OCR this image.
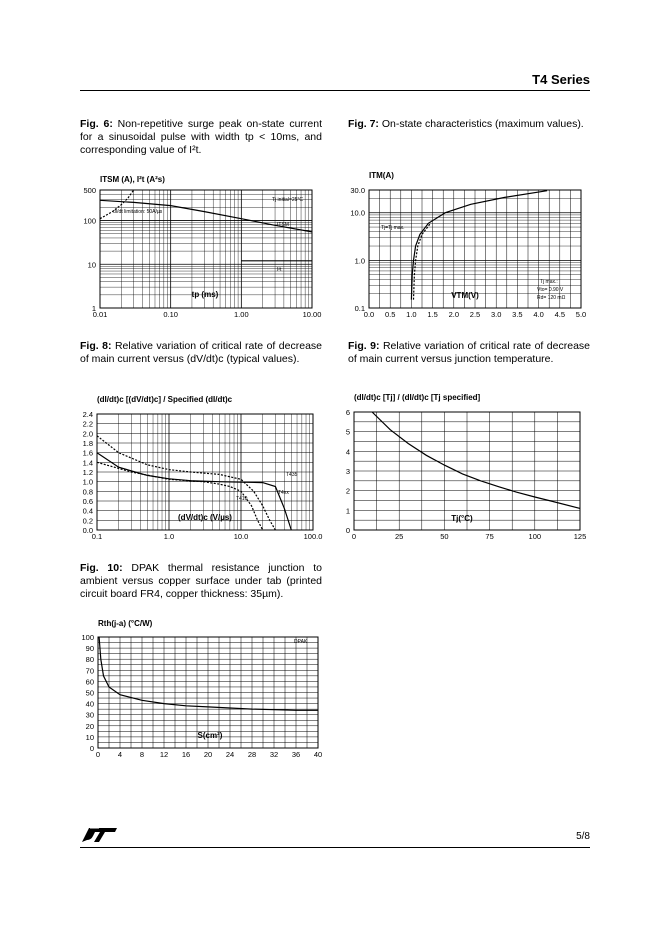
T4 Series
Fig. 6: Non-repetitive surge peak on-state current for a sinusoidal pulse with width tp < 10ms, and corresponding value of I²t.
Fig. 7: On-state characteristics (maximum values).
Fig. 8: Relative variation of critical rate of decrease of main current versus (dV/dt)c (typical values).
Fig. 9: Relative variation of critical rate of decrease of main current versus junction temperature.
Fig. 10: DPAK thermal resistance junction to ambient versus copper surface under tab (printed circuit board FR4, copper thickness: 35µm).
ITSM (A), I²t (A²s)
0.01	0.10	1.00	10.00
1
10
100
500
tp (ms)
ITM(A)
0.0 0.5 1.0 1.5 2.0 2.5 3.0 3.5 4.0 4.5 5.0
0.1
1.0
10.0
30.0
VTM(V)
(dI/dt)c [(dV/dt)c] / Specified (dI/dt)c
0.1	1.0	10.0	100.0
0.0
0.2
0.4
0.6
0.8
1.0
1.2
1.4
1.6
1.8
2.0
2.2
2.4
(dV/dt)c (V/µs)
(dI/dt)c [Tj] / (dI/dt)c [Tj specified]
0	25	50	75	100	125
0
1
2
3
4
5
6
Tj(°C)
Rth(j-a) (°C/W)
0 4 8 12 16 20 24 28 32 36 40
0
10
20
30
40
50
60
70
80
90
100
S(cm²)
Tj initial=25°C
dI/dt limitation: 50A/µs
ITSM
I²t
Tj=Tj max.
Tj max.:
Vto= 0.90 V
Rd= 120 mΩ
T435
T4xx
T410
DPAK
5/8
